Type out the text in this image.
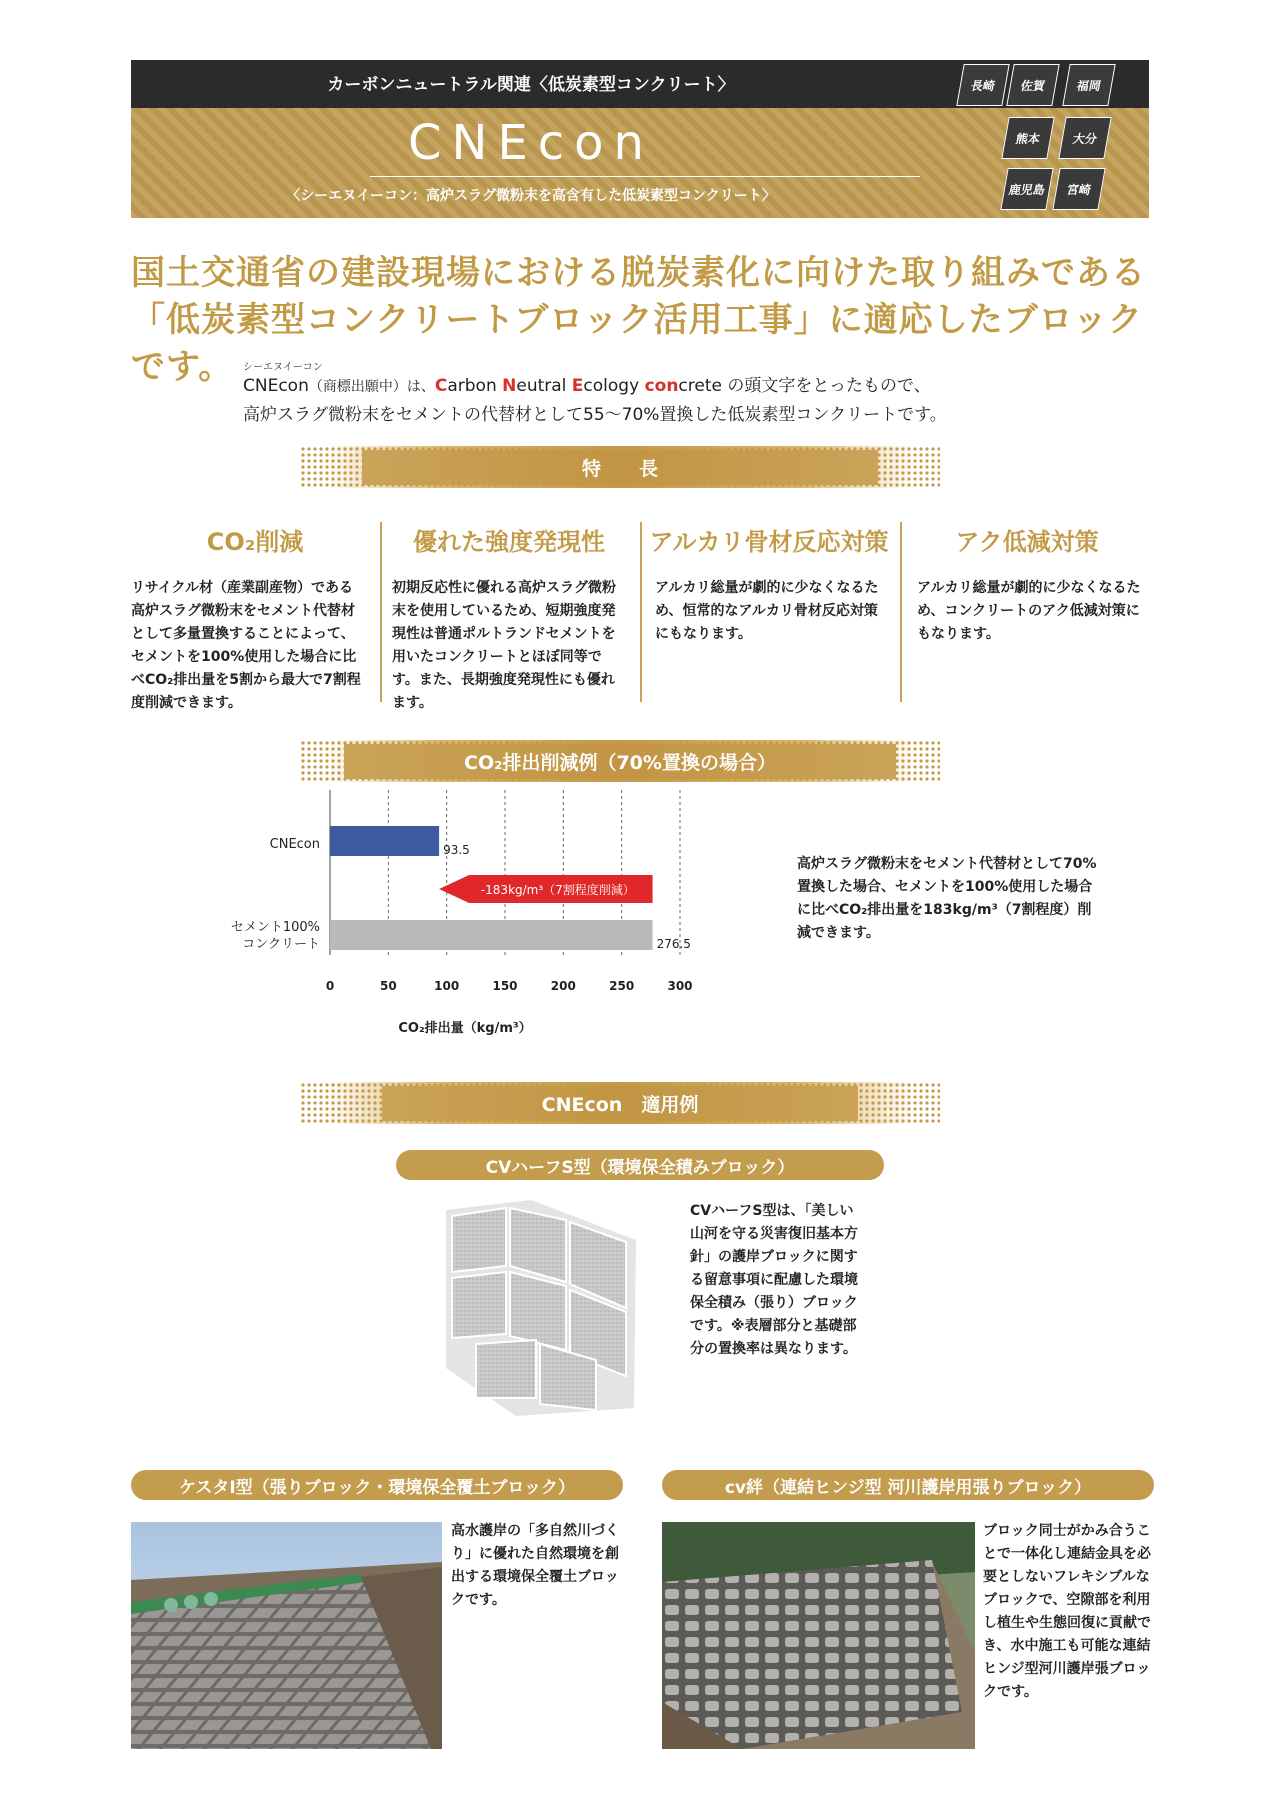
カーボンニュートラル関連〈低炭素型コンクリート〉
CNEcon
〈シーエヌイーコン：高炉スラグ微粉末を高含有した低炭素型コンクリート〉
長崎	佐賀	福岡
熊本	大分
鹿児島	宮崎
国土交通省の建設現場における脱炭素化に向けた取り組みである
「低炭素型コンクリートブロック活用工事」に適応したブロックです。 シーエヌイーコン
CNEcon（商標出願中）は、Carbon Neutral Ecology concrete の頭文字をとったもので、
高炉スラグ微粉末をセメントの代替材として55〜70%置換した低炭素型コンクリートです。
特　　長
CO₂削減	優れた強度発現性	アルカリ骨材反応対策	アク低減対策
リサイクル材（産業副産物）である高炉スラグ微粉末をセメント代替材として多量置換することによって、セメントを100%使用した場合に比べCO₂排出量を5割から最大で7割程度削減できます。
初期反応性に優れる高炉スラグ微粉末を使用しているため、短期強度発現性は普通ポルトランドセメントを用いたコンクリートとほぼ同等です。また、長期強度発現性にも優れます。
アルカリ総量が劇的に少なくなるため、恒常的なアルカリ骨材反応対策にもなります。
アルカリ総量が劇的に少なくなるため、コンクリートのアク低減対策にもなります。
CO₂排出削減例（70%置換の場合）
93.5
276.5
-183kg/m³（7割程度削減）
0	50	100	150	200	250	300
CNEcon
セメント100%
コンクリート
CO₂排出量（kg/m³）
高炉スラグ微粉末をセメント代替材として70%置換した場合、セメントを100%使用した場合に比べCO₂排出量を183kg/m³（7割程度）削減できます。
CNEcon　適用例
CVハーフS型（環境保全積みブロック）
CVハーフS型は、「美しい山河を守る災害復旧基本方針」の護岸ブロックに関する留意事項に配慮した環境保全積み（張り）ブロックです。※表層部分と基礎部分の置換率は異なります。
ケスタI型（張りブロック・環境保全覆土ブロック）	cv絆（連結ヒンジ型 河川護岸用張りブロック）
高水護岸の「多自然川づくり」に優れた自然環境を創出する環境保全覆土ブロックです。
ブロック同士がかみ合うことで一体化し連結金具を必要としないフレキシブルなブロックで、空隙部を利用し植生や生態回復に貢献でき、水中施工も可能な連結ヒンジ型河川護岸張ブロックです。
